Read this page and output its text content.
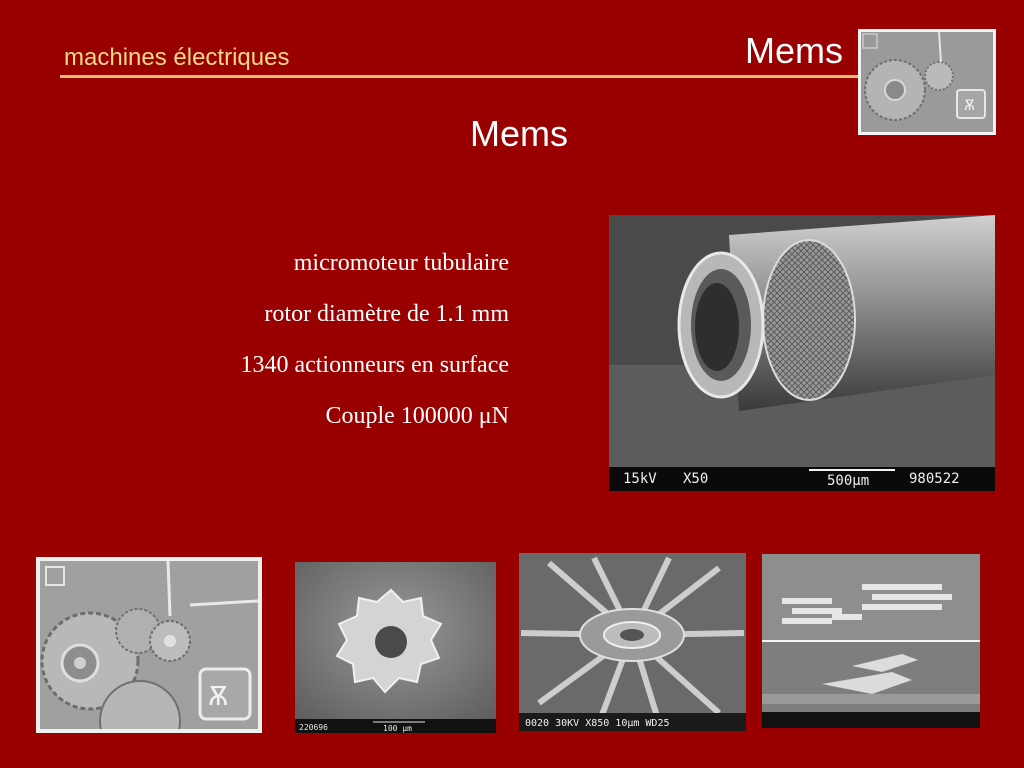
machines électriques	Mems
Ѫ
Mems
micromoteur tubulaire
rotor diamètre de 1.1 mm
1340 actionneurs en surface
Couple 100000 μN
15kV X50	500μm	980522
Ѫ
220696	100 μm	0020 30KV X850 10μm WD25
